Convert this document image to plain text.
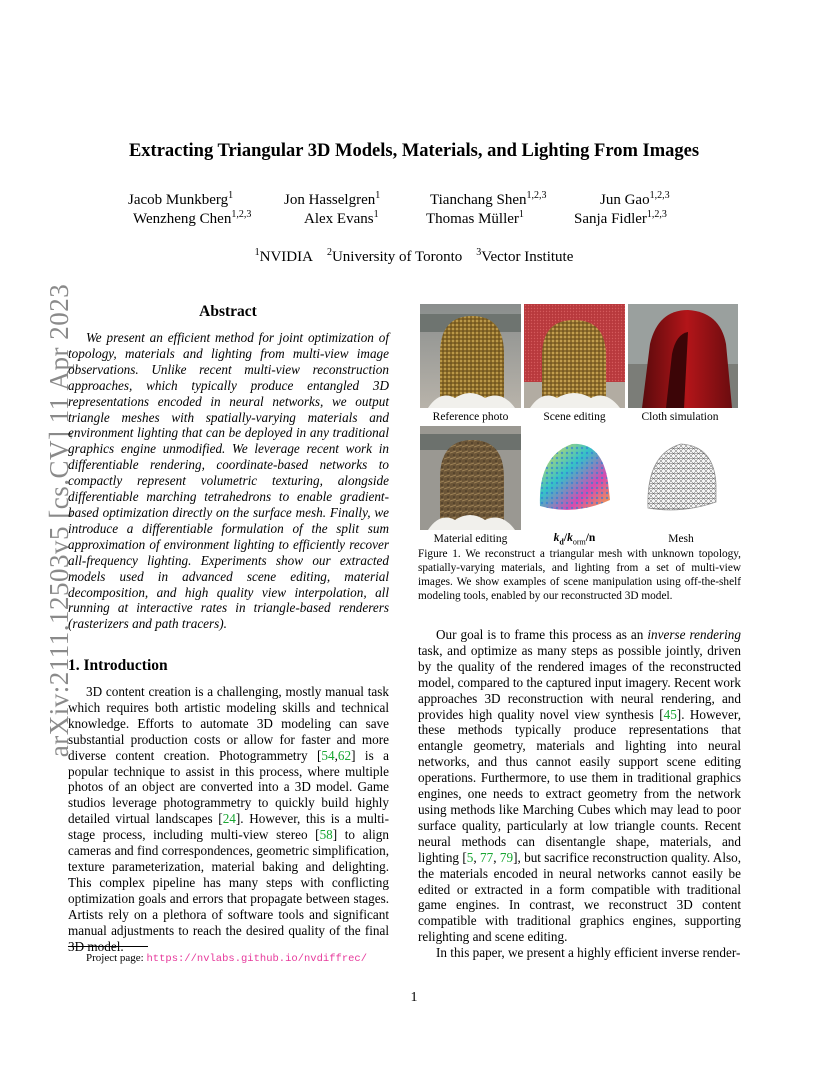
arXiv:2111.12503v5 [cs.CV] 11 Apr 2023
Extracting Triangular 3D Models, Materials, and Lighting From Images
Jacob Munkberg$^1$	Jon Hasselgren$^1$	Tianchang Shen$^{1,2,3}$	Jun Gao$^{1,2,3}$
Wenzheng Chen$^{1,2,3}$	Alex Evans$^1$	Thomas Müller$^1$	Sanja Fidler$^{1,2,3}$
$^1$NVIDIA $^2$University of Toronto $^3$Vector Institute
Abstract

We present an efficient method for joint optimization of topology, materials and lighting from multi-view image observations. Unlike recent multi-view reconstruction approaches, which typically produce entangled 3D representations encoded in neural networks, we output triangle meshes with spatially-varying materials and environment lighting that can be deployed in any traditional graphics engine unmodified. We leverage recent work in differentiable rendering, coordinate-based networks to compactly represent volumetric texturing, alongside differentiable marching tetrahedrons to enable gradient-based optimization directly on the surface mesh. Finally, we introduce a differentiable formulation of the split sum approximation of environment lighting to efficiently recover all-frequency lighting. Experiments show our extracted models used in advanced scene editing, material decomposition, and high quality view interpolation, all running at interactive rates in triangle-based renderers (rasterizers and path tracers).

1. Introduction

3D content creation is a challenging, mostly manual task which requires both artistic modeling skills and technical knowledge. Efforts to automate 3D modeling can save substantial production costs or allow for faster and more diverse content creation. Photogrammetry [54,62] is a popular technique to assist in this process, where multiple photos of an object are converted into a 3D model. Game studios leverage photogrammetry to quickly build highly detailed virtual landscapes [24]. However, this is a multi-stage process, including multi-view stereo [58] to align cameras and find correspondences, geometric simplification, texture parameterization, material baking and delighting. This complex pipeline has many steps with conflicting optimization goals and errors that propagate between stages. Artists rely on a plethora of software tools and significant manual adjustments to reach the desired quality of the final 3D model.

Project page: https://nvlabs.github.io/nvdiffrec/
Reference photo	Scene editing	Cloth simulation
Material editing	$k_d/k_{orm}/n$	Mesh
Figure 1. We reconstruct a triangular mesh with unknown topology, spatially-varying materials, and lighting from a set of multi-view images. We show examples of scene manipulation using off-the-shelf modeling tools, enabled by our reconstructed 3D model.

Our goal is to frame this process as an inverse rendering task, and optimize as many steps as possible jointly, driven by the quality of the rendered images of the reconstructed model, compared to the captured input imagery. Recent work approaches 3D reconstruction with neural rendering, and provides high quality novel view synthesis [45]. However, these methods typically produce representations that entangle geometry, materials and lighting into neural networks, and thus cannot easily support scene editing operations. Furthermore, to use them in traditional graphics engines, one needs to extract geometry from the network using methods like Marching Cubes which may lead to poor surface quality, particularly at low triangle counts. Recent neural methods can disentangle shape, materials, and lighting [5, 77, 79], but sacrifice reconstruction quality. Also, the materials encoded in neural networks cannot easily be edited or extracted in a form compatible with traditional game engines. In contrast, we reconstruct 3D content compatible with traditional graphics engines, supporting relighting and scene editing.

In this paper, we present a highly efficient inverse render-

1
